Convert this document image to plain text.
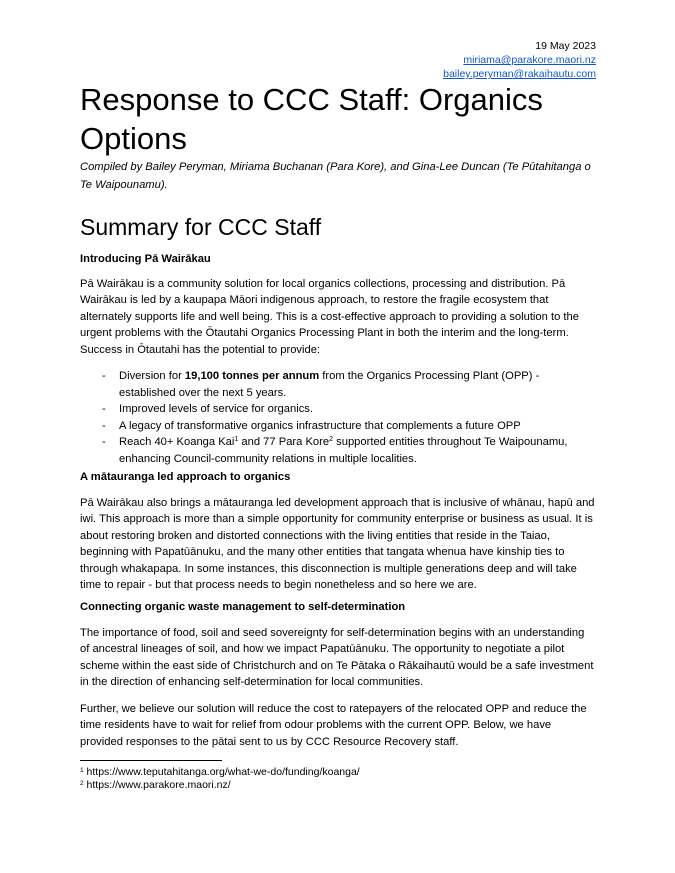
19 May 2023
miriama@parakore.maori.nz
bailey.peryman@rakaihautu.com
Response to CCC Staff: Organics Options
Compiled by Bailey Peryman, Miriama Buchanan (Para Kore), and Gina-Lee Duncan (Te Pūtahitanga o Te Waipounamu).
Summary for CCC Staff
Introducing Pā Wairākau
Pā Wairākau is a community solution for local organics collections, processing and distribution. Pā Wairākau is led by a kaupapa Māori indigenous approach, to restore the fragile ecosystem that alternately supports life and well being. This is a cost-effective approach to providing a solution to the urgent problems with the Ōtautahi Organics Processing Plant in both the interim and the long-term. Success in Ōtautahi has the potential to provide:
- Diversion for 19,100 tonnes per annum from the Organics Processing Plant (OPP) - established over the next 5 years.
- Improved levels of service for organics.
- A legacy of transformative organics infrastructure that complements a future OPP
- Reach 40+ Koanga Kai$^1$ and 77 Para Kore$^2$ supported entities throughout Te Waipounamu, enhancing Council-community relations in multiple localities.
A mātauranga led approach to organics
Pā Wairākau also brings a mātauranga led development approach that is inclusive of whānau, hapū and iwi. This approach is more than a simple opportunity for community enterprise or business as usual. It is about restoring broken and distorted connections with the living entities that reside in the Taiao, beginning with Papatūānuku, and the many other entities that tangata whenua have kinship ties to through whakapapa. In some instances, this disconnection is multiple generations deep and will take time to repair - but that process needs to begin nonetheless and so here we are.
Connecting organic waste management to self-determination
The importance of food, soil and seed sovereignty for self-determination begins with an understanding of ancestral lineages of soil, and how we impact Papatūānuku. The opportunity to negotiate a pilot scheme within the east side of Christchurch and on Te Pātaka o Rākaihautū would be a safe investment in the direction of enhancing self-determination for local communities.
Further, we believe our solution will reduce the cost to ratepayers of the relocated OPP and reduce the time residents have to wait for relief from odour problems with the current OPP. Below, we have provided responses to the pātai sent to us by CCC Resource Recovery staff.
$^1$ https://www.teputahitanga.org/what-we-do/funding/koanga/
$^2$ https://www.parakore.maori.nz/
